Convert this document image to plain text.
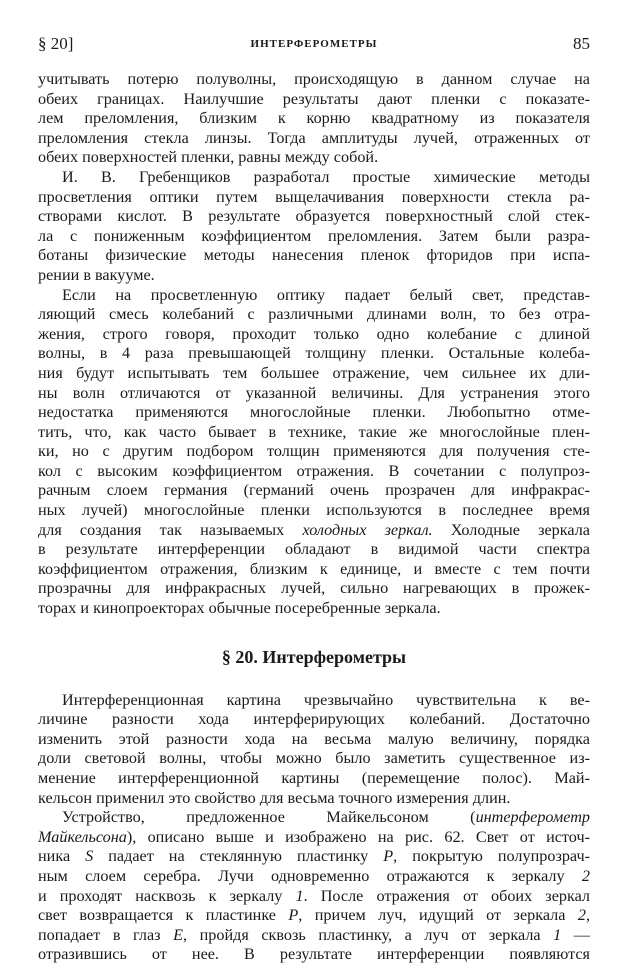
§ 20]	ИНТЕРФЕРОМЕТРЫ	85
учитывать потерю полуволны, происходящую в данном случае на
обеих границах. Наилучшие результаты дают пленки с показате-
лем преломления, близким к корню квадратному из показателя
преломления стекла линзы. Тогда амплитуды лучей, отраженных от
обеих поверхностей пленки, равны между собой.
И. В. Гребенщиков разработал простые химические методы
просветления оптики путем выщелачивания поверхности стекла ра-
створами кислот. В результате образуется поверхностный слой стек-
ла с пониженным коэффициентом преломления. Затем были разра-
ботаны физические методы нанесения пленок фторидов при испа-
рении в вакууме.
Если на просветленную оптику падает белый свет, представ-
ляющий смесь колебаний с различными длинами волн, то без отра-
жения, строго говоря, проходит только одно колебание с длиной
волны, в 4 раза превышающей толщину пленки. Остальные колеба-
ния будут испытывать тем большее отражение, чем сильнее их дли-
ны волн отличаются от указанной величины. Для устранения этого
недостатка применяются многослойные пленки. Любопытно отме-
тить, что, как часто бывает в технике, такие же многослойные плен-
ки, но с другим подбором толщин применяются для получения сте-
кол с высоким коэффициентом отражения. В сочетании с полупроз-
рачным слоем германия (германий очень прозрачен для инфракрас-
ных лучей) многослойные пленки используются в последнее время
для создания так называемых холодных зеркал. Холодные зеркала
в результате интерференции обладают в видимой части спектра
коэффициентом отражения, близким к единице, и вместе с тем почти
прозрачны для инфракрасных лучей, сильно нагревающих в прожек-
торах и кинопроекторах обычные посеребренные зеркала.
§ 20. Интерферометры
Интерференционная картина чрезвычайно чувствительна к ве-
личине разности хода интерферирующих колебаний. Достаточно
изменить этой разности хода на весьма малую величину, порядка
доли световой волны, чтобы можно было заметить существенное из-
менение интерференционной картины (перемещение полос). Май-
кельсон применил это свойство для весьма точного измерения длин.
Устройство, предложенное Майкельсоном (интерферометр
Майкельсона), описано выше и изображено на рис. 62. Свет от источ-
ника S падает на стеклянную пластинку P, покрытую полупрозрач-
ным слоем серебра. Лучи одновременно отражаются к зеркалу 2
и проходят насквозь к зеркалу 1. После отражения от обоих зеркал
свет возвращается к пластинке P, причем луч, идущий от зеркала 2,
попадает в глаз E, пройдя сквозь пластинку, а луч от зеркала 1 —
отразившись от нее. В результате интерференции появляются
